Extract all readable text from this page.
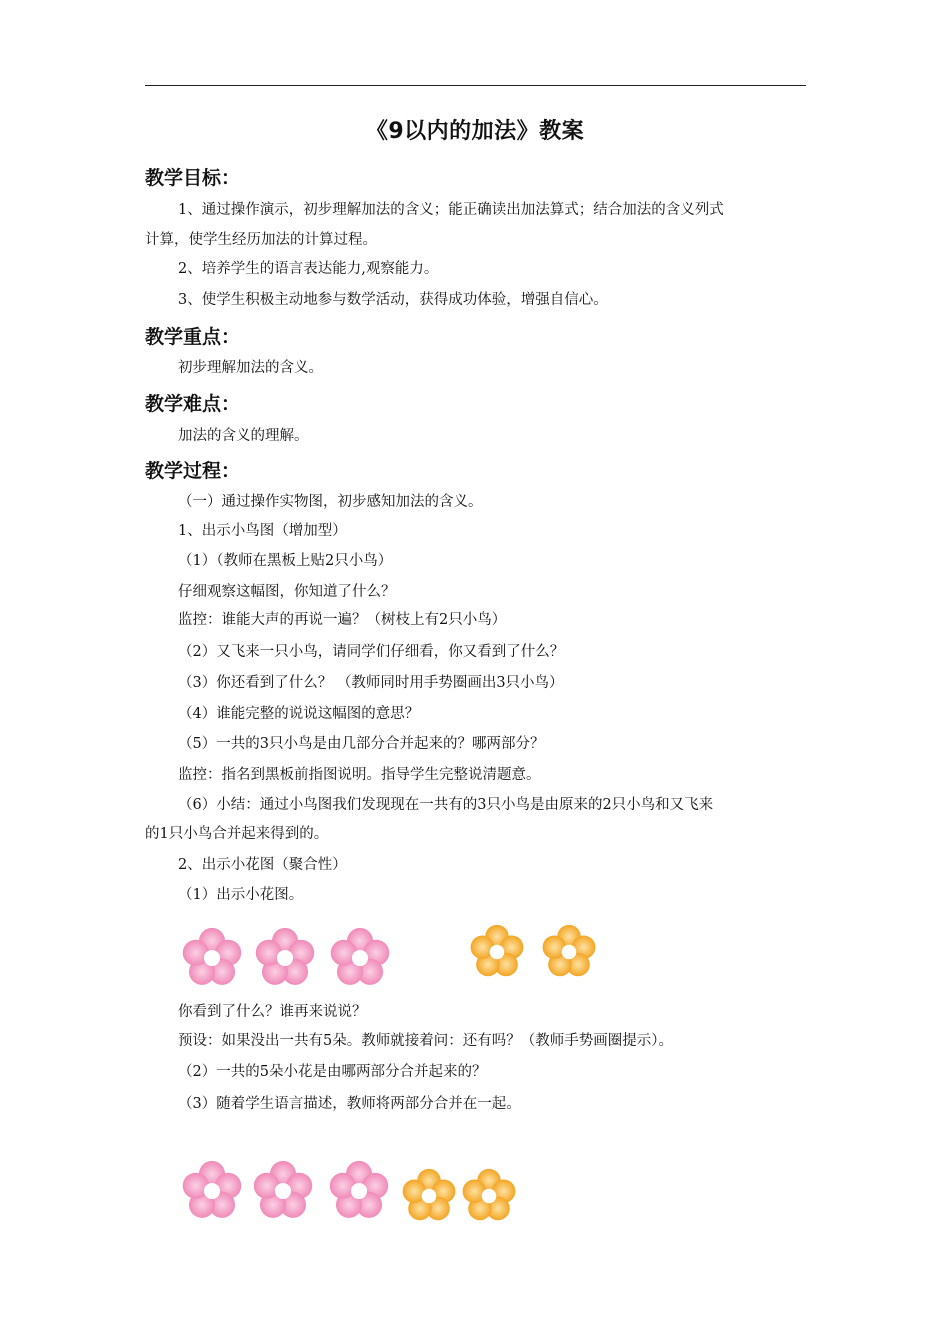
《9以内的加法》教案
教学目标：
1、通过操作演示，初步理解加法的含义；能正确读出加法算式；结合加法的含义列式
计算，使学生经历加法的计算过程。
2、培养学生的语言表达能力,观察能力。
3、使学生积极主动地参与数学活动，获得成功体验，增强自信心。
教学重点：
初步理解加法的含义。
教学难点：
加法的含义的理解。
教学过程：
（一）通过操作实物图，初步感知加法的含义。
1、出示小鸟图（增加型）
（1）（教师在黑板上贴2只小鸟）
仔细观察这幅图，你知道了什么？
监控：谁能大声的再说一遍？（树枝上有2只小鸟）
（2）又飞来一只小鸟，请同学们仔细看，你又看到了什么？
（3）你还看到了什么？ （教师同时用手势圈画出3只小鸟）
（4）谁能完整的说说这幅图的意思？
（5）一共的3只小鸟是由几部分合并起来的？哪两部分？
监控：指名到黑板前指图说明。指导学生完整说清题意。
（6）小结：通过小鸟图我们发现现在一共有的3只小鸟是由原来的2只小鸟和又飞来
的1只小鸟合并起来得到的。
2、出示小花图（聚合性）
（1）出示小花图。
你看到了什么？谁再来说说？
预设：如果没出一共有5朵。教师就接着问：还有吗？（教师手势画圈提示）。
（2）一共的5朵小花是由哪两部分合并起来的？
（3）随着学生语言描述，教师将两部分合并在一起。
